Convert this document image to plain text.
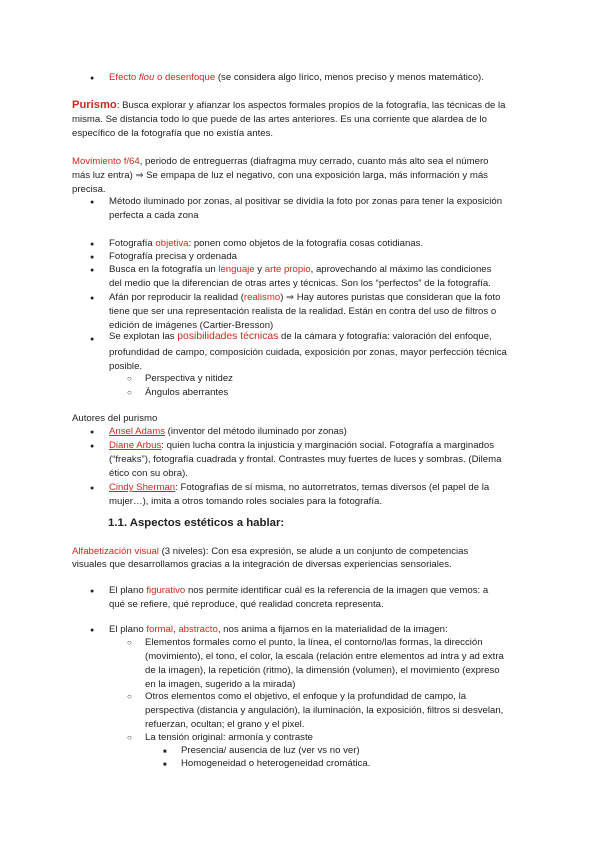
●
Efecto flou o desenfoque (se considera algo lírico, menos preciso y menos matemático).
Purismo: Busca explorar y afianzar los aspectos formales propios de la fotografía, las técnicas de la
misma. Se distancia todo lo que puede de las artes anteriores. Es una corriente que alardea de lo
específico de la fotografía que no existía antes.
Movimiento f/64, periodo de entreguerras (diafragma muy cerrado, cuanto más alto sea el número
más luz entra) ⇒ Se empapa de luz el negativo, con una exposición larga, más información y más
precisa.
●
Método iluminado por zonas, al positivar se dividía la foto por zonas para tener la exposición
perfecta a cada zona
●
Fotografía objetiva: ponen como objetos de la fotografía cosas cotidianas.
●
Fotografía precisa y ordenada
●
Busca en la fotografía un lenguaje y arte propio, aprovechando al máximo las condiciones
del medio que la diferencian de otras artes y técnicas. Son los “perfectos” de la fotografía.
●
Afán por reproducir la realidad (realismo) ⇒ Hay autores puristas que consideran que la foto
tiene que ser una representación realista de la realidad. Están en contra del uso de filtros o
edición de imágenes (Cartier-Bresson)
●
Se explotan las posibilidades técnicas de la cámara y fotografía: valoración del enfoque,
profundidad de campo, composición cuidada, exposición por zonas, mayor perfección técnica
posible.
○
Perspectiva y nitidez
○
Ángulos aberrantes
Autores del purismo
●
Ansel Adams (inventor del método iluminado por zonas)
●
Diane Arbus: quien lucha contra la injusticia y marginación social. Fotografía a marginados
(“freaks”), fotografía cuadrada y frontal. Contrastes muy fuertes de luces y sombras. (Dilema
ético con su obra).
●
Cindy Sherman: Fotografías de sí misma, no autorretratos, temas diversos (el papel de la
mujer…), imita a otros tomando roles sociales para la fotografía.
1.1. Aspectos estéticos a hablar:
Alfabetización visual (3 niveles): Con esa expresión, se alude a un conjunto de competencias
visuales que desarrollamos gracias a la integración de diversas experiencias sensoriales.
●
El plano figurativo nos permite identificar cuál es la referencia de la imagen que vemos: a
qué se refiere, qué reproduce, qué realidad concreta representa.
●
El plano formal, abstracto, nos anima a fijarnos en la materialidad de la imagen:
○
Elementos formales como el punto, la línea, el contorno/las formas, la dirección
(movimiento), el tono, el color, la escala (relación entre elementos ad intra y ad extra
de la imagen), la repetición (ritmo), la dimensión (volumen), el movimiento (expreso
en la imagen, sugerido a la mirada)
○
Otros elementos como el objetivo, el enfoque y la profundidad de campo, la
perspectiva (distancia y angulación), la iluminación, la exposición, filtros si desvelan,
refuerzan, ocultan; el grano y el pixel.
○
La tensión original: armonía y contraste
■
Presencia/ ausencia de luz (ver vs no ver)
■
Homogeneidad o heterogeneidad cromática.
